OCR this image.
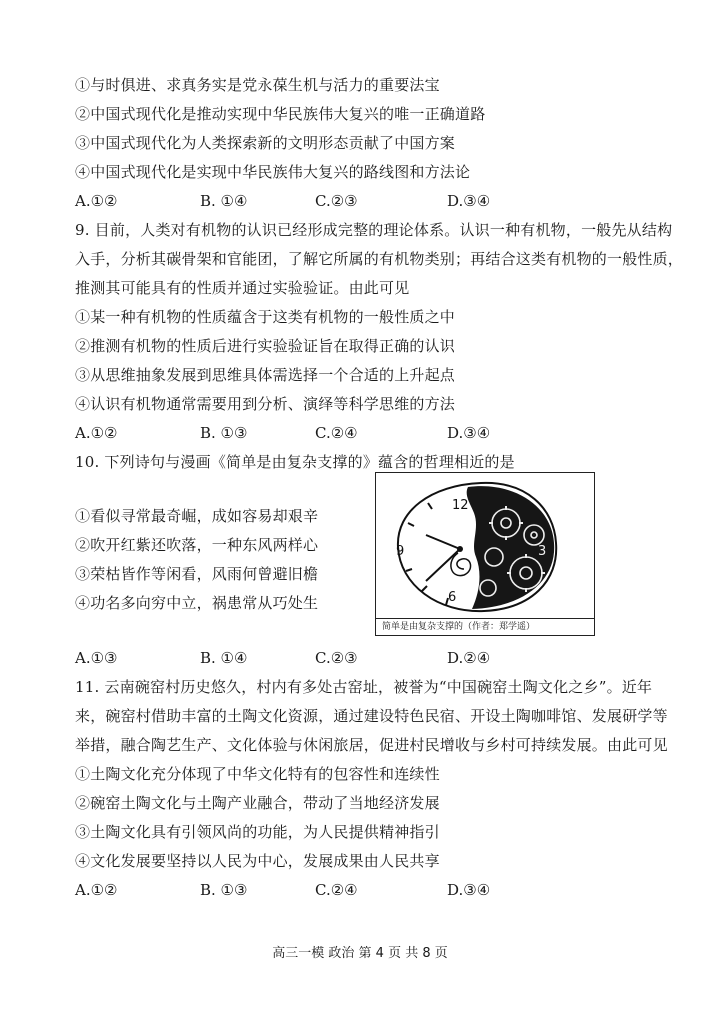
①与时俱进、求真务实是党永葆生机与活力的重要法宝
②中国式现代化是推动实现中华民族伟大复兴的唯一正确道路
③中国式现代化为人类探索新的文明形态贡献了中国方案
④中国式现代化是实现中华民族伟大复兴的路线图和方法论
A.①②	B. ①④	C.②③	D.③④
9. 目前，人类对有机物的认识已经形成完整的理论体系。认识一种有机物，一般先从结构
入手，分析其碳骨架和官能团，了解它所属的有机物类别；再结合这类有机物的一般性质，
推测其可能具有的性质并通过实验验证。由此可见
①某一种有机物的性质蕴含于这类有机物的一般性质之中
②推测有机物的性质后进行实验验证旨在取得正确的认识
③从思维抽象发展到思维具体需选择一个合适的上升起点
④认识有机物通常需要用到分析、演绎等科学思维的方法
A.①②	B. ①③	C.②④	D.③④
10. 下列诗句与漫画《简单是由复杂支撑的》蕴含的哲理相近的是
①看似寻常最奇崛，成如容易却艰辛
②吹开红紫还吹落，一种东风两样心
③荣枯皆作等闲看，风雨何曾避旧檐
④功名多向穷中立，祸患常从巧处生
12
3
6
9
简单是由复杂支撑的（作者：郑学遥）
A.①③	B. ①④	C.②③	D.②④
11. 云南碗窑村历史悠久，村内有多处古窑址，被誉为“中国碗窑土陶文化之乡”。近年
来，碗窑村借助丰富的土陶文化资源，通过建设特色民宿、开设土陶咖啡馆、发展研学等
举措，融合陶艺生产、文化体验与休闲旅居，促进村民增收与乡村可持续发展。由此可见
①土陶文化充分体现了中华文化特有的包容性和连续性
②碗窑土陶文化与土陶产业融合，带动了当地经济发展
③土陶文化具有引领风尚的功能，为人民提供精神指引
④文化发展要坚持以人民为中心，发展成果由人民共享
A.①②	B. ①③	C.②④	D.③④
高三一模 政治 第 4 页 共 8 页
